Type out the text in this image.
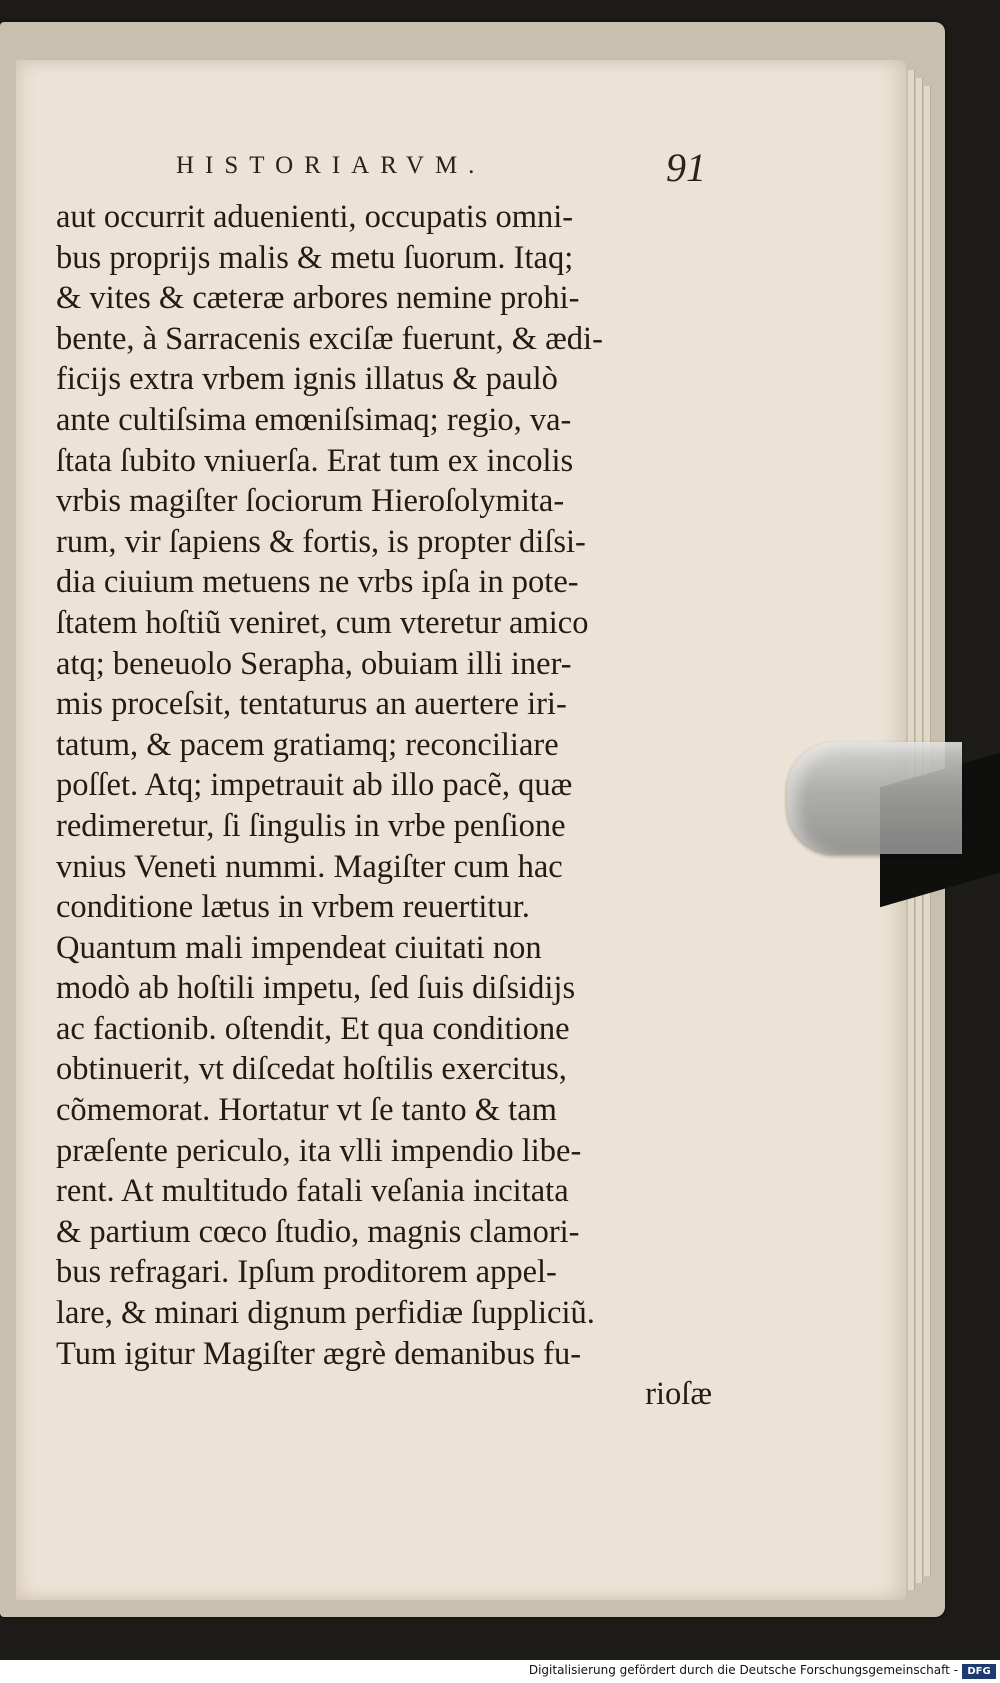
HISTORIARVM.	91
aut occurrit aduenienti, occupatis omni-
bus proprijs malis & metu ſuorum. Itaq;
& vites & cæteræ arbores nemine prohi-
bente, à Sarracenis exciſæ fuerunt, & ædi-
ficijs extra vrbem ignis illatus & paulò
ante cultiſsima emœniſsimaq; regio, va-
ſtata ſubito vniuerſa. Erat tum ex incolis
vrbis magiſter ſociorum Hieroſolymita-
rum, vir ſapiens & fortis, is propter diſsi-
dia ciuium metuens ne vrbs ipſa in pote-
ſtatem hoſtiũ veniret, cum vteretur amico
atq; beneuolo Serapha, obuiam illi iner-
mis proceſsit, tentaturus an auertere iri-
tatum, & pacem gratiamq; reconciliare
poſſet. Atq; impetrauit ab illo pacẽ, quæ
redimeretur, ſi ſingulis in vrbe penſione
vnius Veneti nummi. Magiſter cum hac
conditione lætus in vrbem reuertitur.
Quantum mali impendeat ciuitati non
modò ab hoſtili impetu, ſed ſuis diſsidijs
ac factionib. oſtendit, Et qua conditione
obtinuerit, vt diſcedat hoſtilis exercitus,
cõmemorat. Hortatur vt ſe tanto & tam
præſente periculo, ita vlli impendio libe-
rent. At multitudo fatali veſania incitata
& partium cœco ſtudio, magnis clamori-
bus refragari. Ipſum proditorem appel-
lare, & minari dignum perfidiæ ſuppliciũ.
Tum igitur Magiſter ægrè demanibus fu-
rioſæ
Digitalisierung gefördert durch die Deutsche Forschungsgemeinschaft - DFG
